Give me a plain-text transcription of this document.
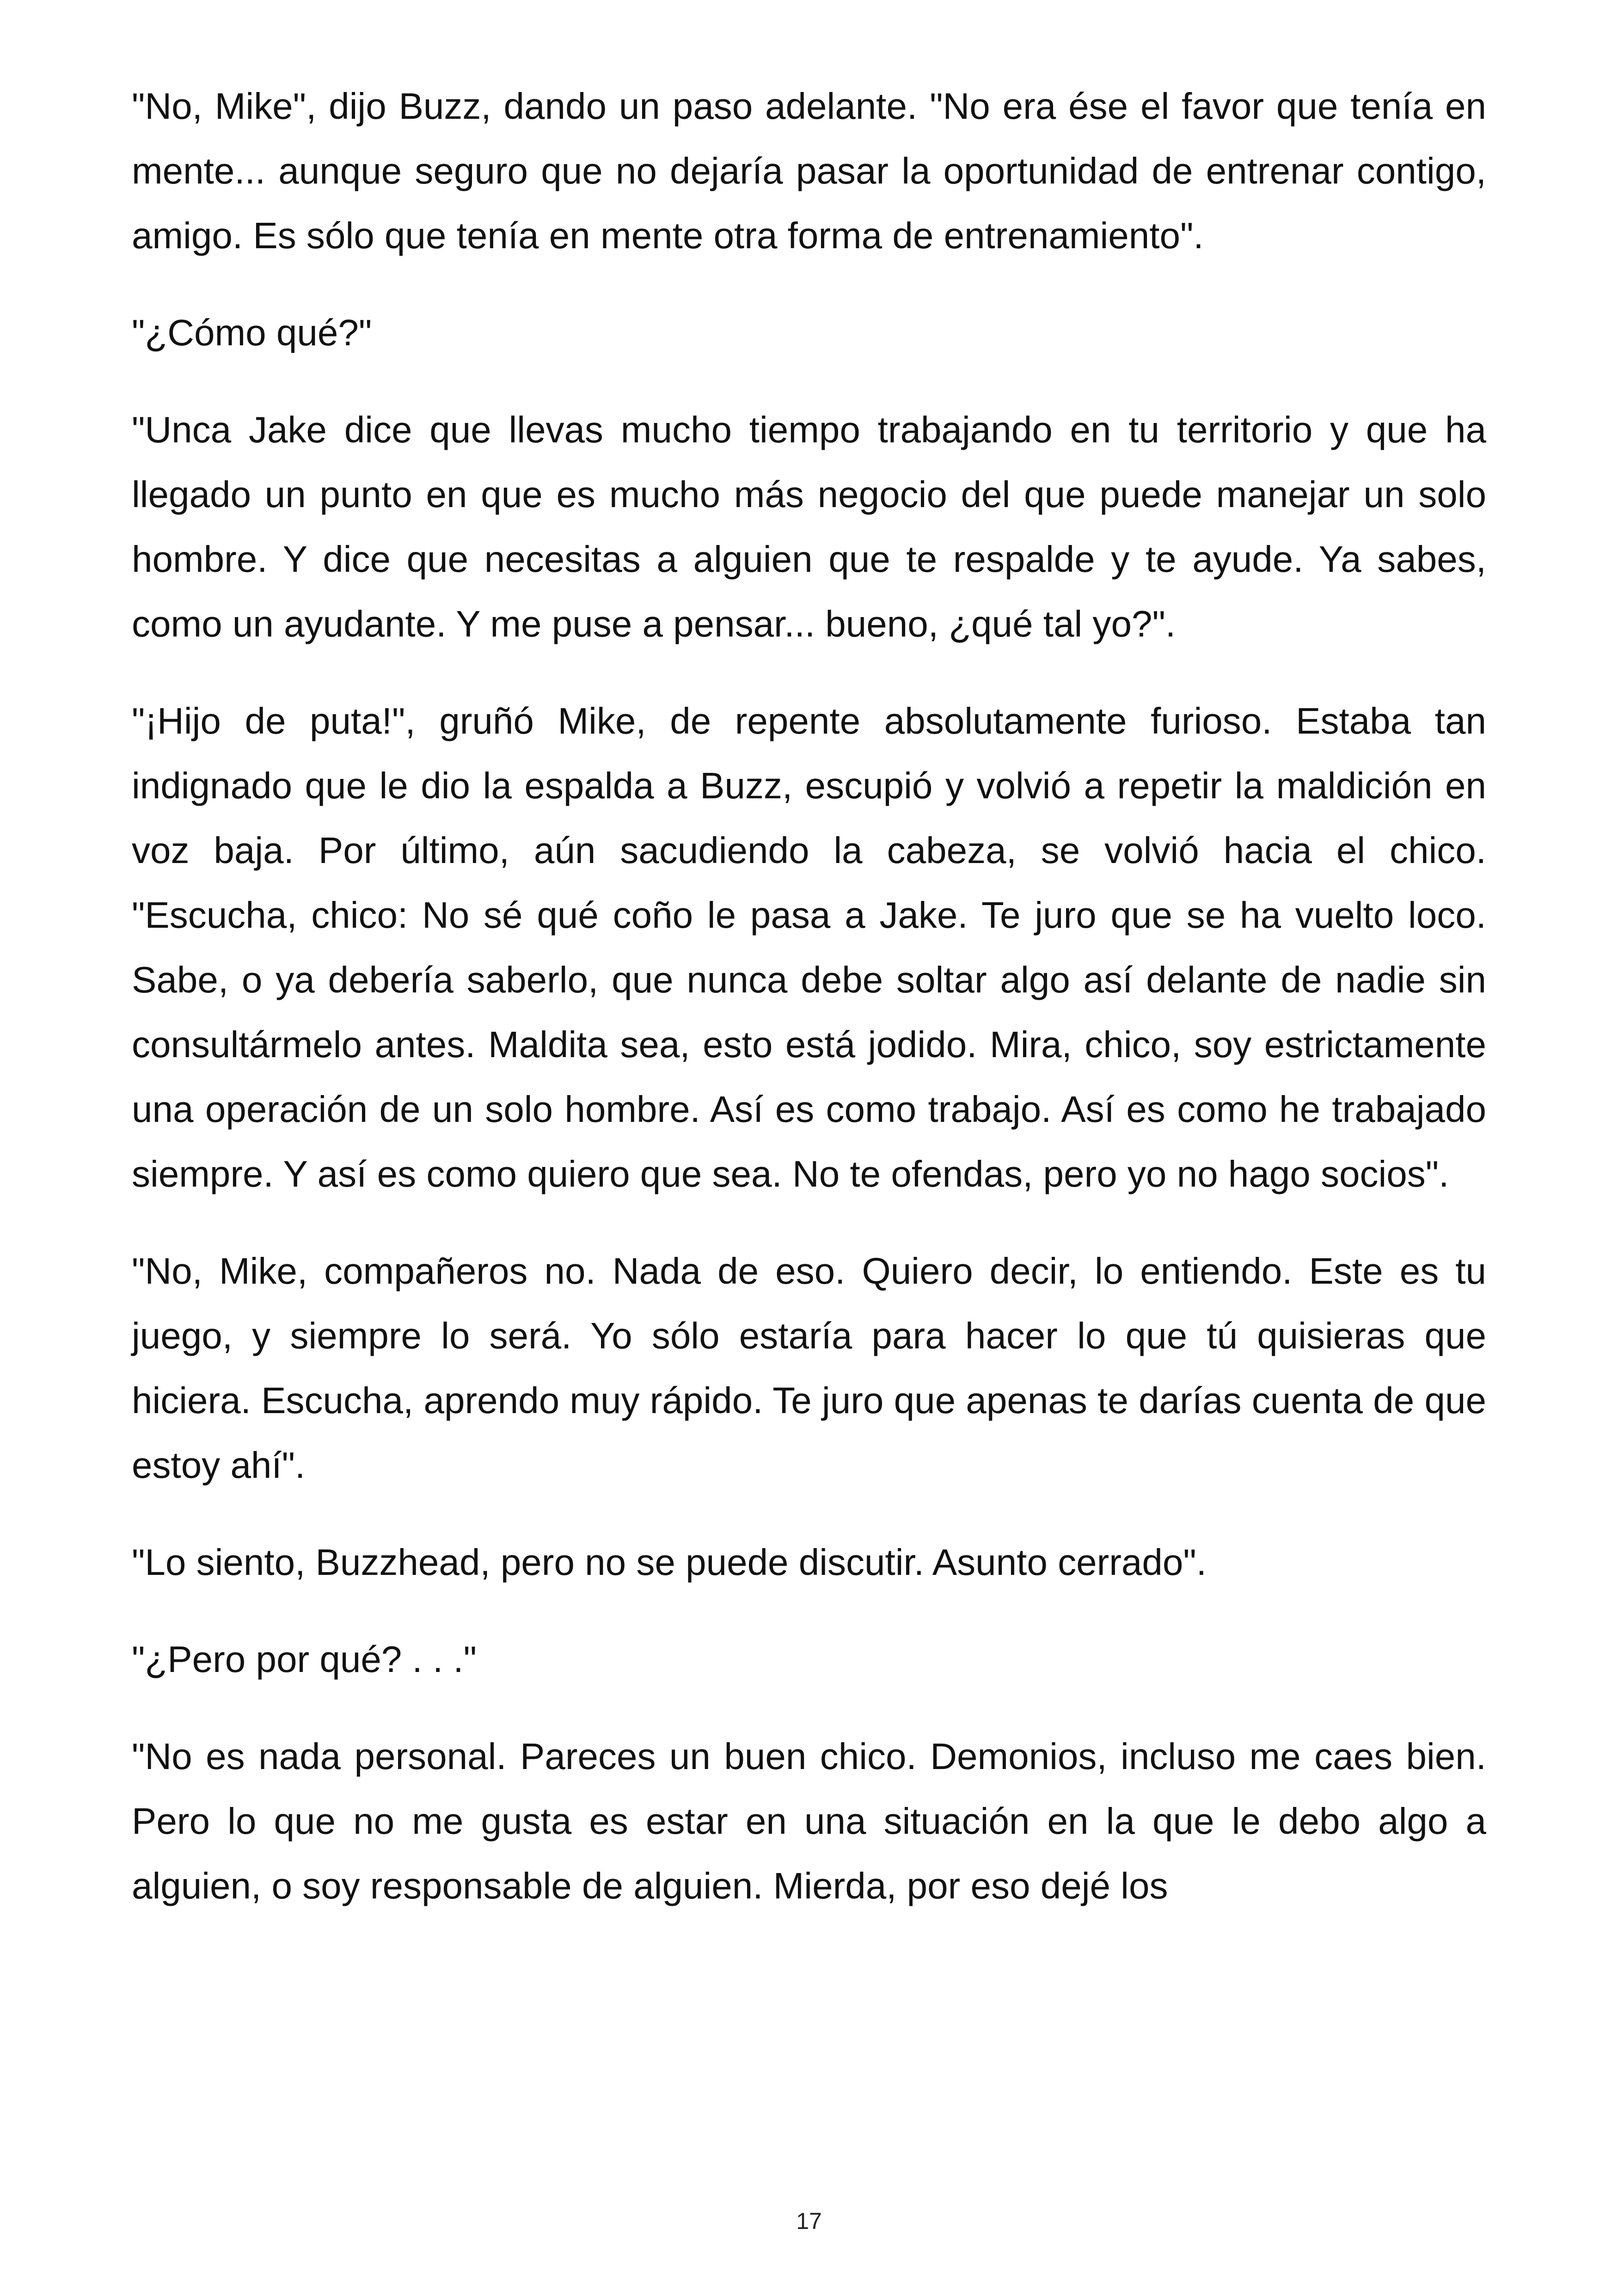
"No, Mike", dijo Buzz, dando un paso adelante. "No era ése el favor que tenía en mente... aunque seguro que no dejaría pasar la oportunidad de entrenar contigo, amigo. Es sólo que tenía en mente otra forma de entrenamiento".

"¿Cómo qué?"

"Unca Jake dice que llevas mucho tiempo trabajando en tu territorio y que ha llegado un punto en que es mucho más negocio del que puede manejar un solo hombre. Y dice que necesitas a alguien que te respalde y te ayude. Ya sabes, como un ayudante. Y me puse a pensar... bueno, ¿qué tal yo?".

"¡Hijo de puta!", gruñó Mike, de repente absolutamente furioso. Estaba tan indignado que le dio la espalda a Buzz, escupió y volvió a repetir la maldición en voz baja. Por último, aún sacudiendo la cabeza, se volvió hacia el chico. "Escucha, chico: No sé qué coño le pasa a Jake. Te juro que se ha vuelto loco. Sabe, o ya debería saberlo, que nunca debe soltar algo así delante de nadie sin consultármelo antes. Maldita sea, esto está jodido. Mira, chico, soy estrictamente una operación de un solo hombre. Así es como trabajo. Así es como he trabajado siempre. Y así es como quiero que sea. No te ofendas, pero yo no hago socios".

"No, Mike, compañeros no. Nada de eso. Quiero decir, lo entiendo. Este es tu juego, y siempre lo será. Yo sólo estaría para hacer lo que tú quisieras que hiciera. Escucha, aprendo muy rápido. Te juro que apenas te darías cuenta de que estoy ahí".

"Lo siento, Buzzhead, pero no se puede discutir. Asunto cerrado".

"¿Pero por qué? . . ."

"No es nada personal. Pareces un buen chico. Demonios, incluso me caes bien. Pero lo que no me gusta es estar en una situación en la que le debo algo a alguien, o soy responsable de alguien. Mierda, por eso dejé los

17
